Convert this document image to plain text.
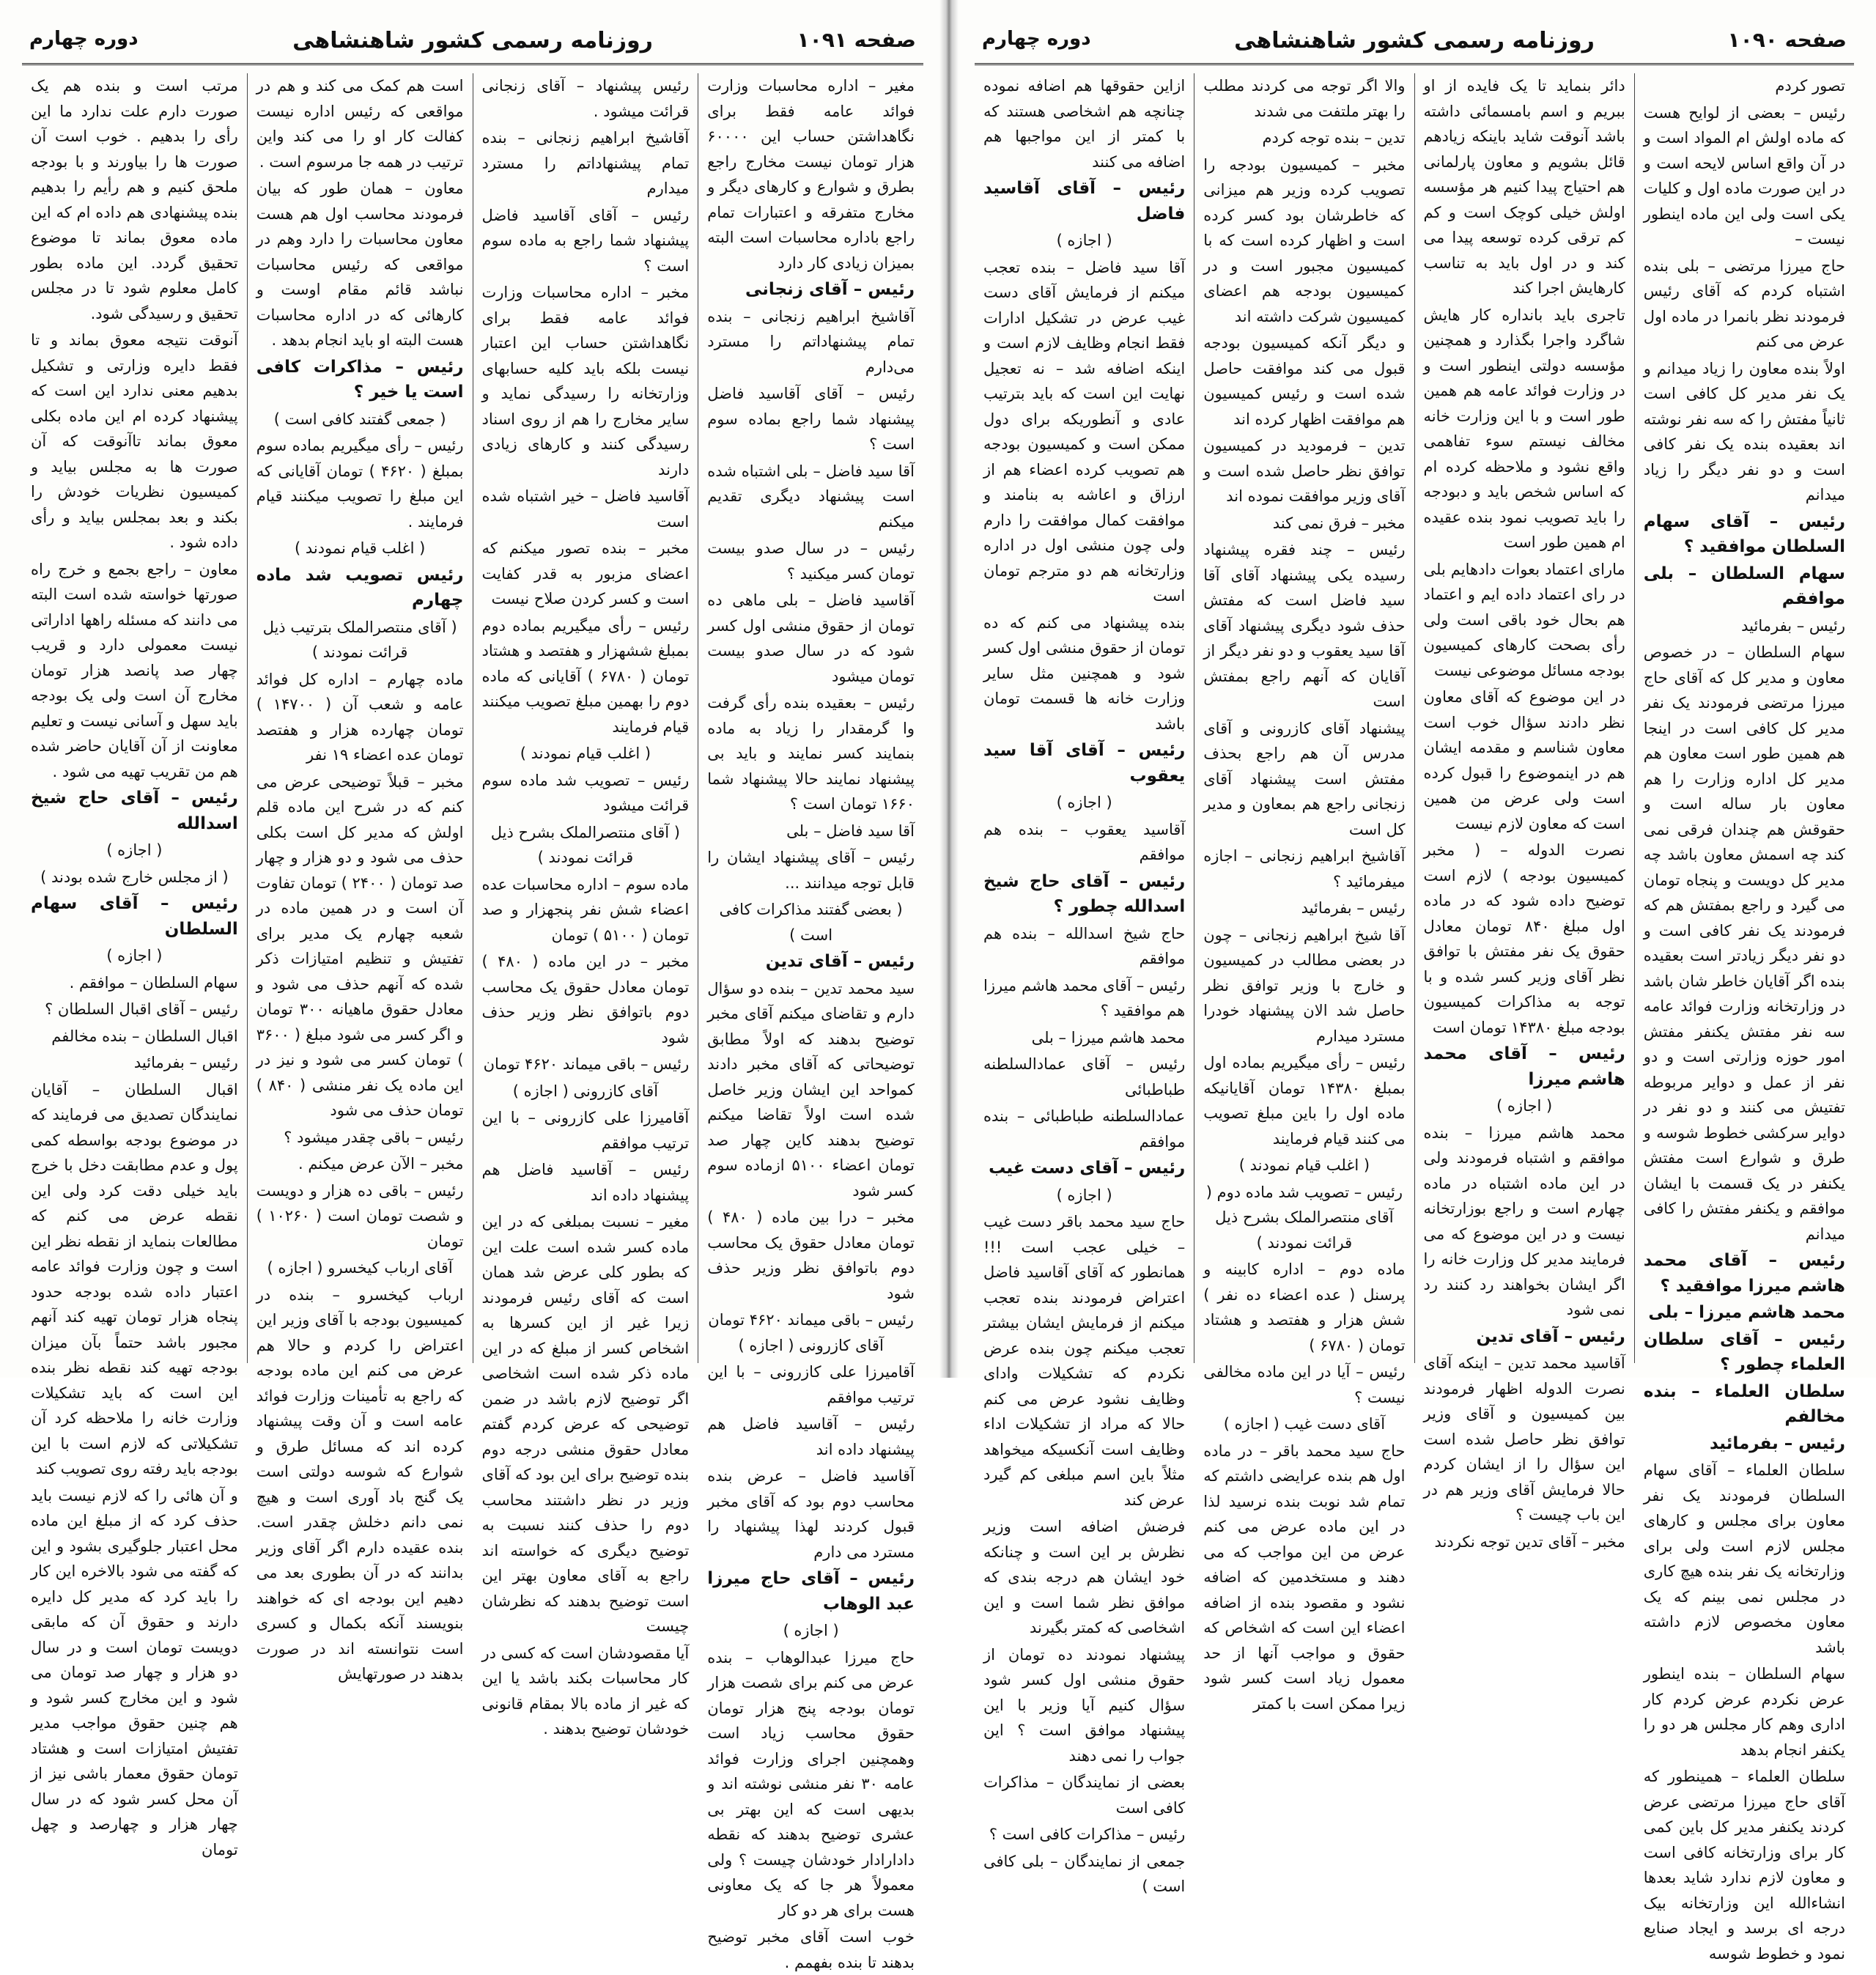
صفحه ۱۰۹۱
روزنامه رسمی کشور شاهنشاهی
دوره چهارم

مغیر – اداره محاسبات وزارت فوائد عامه فقط برای نگاهداشتن حساب این ۶۰۰۰۰ هزار تومان نیست مخارج راجع بطرق و شوارع و کارهای دیگر و مخارج متفرقه و اعتبارات تمام راجع باداره محاسبات است البته بمیزان زیادی کار دارد

رئیس – آقای زنجانی

آقاشیخ ابراهیم زنجانی – بنده تمام پیشنهاداتم را مسترد می‌دارم

رئیس – آقای آقاسید فاضل پیشنهاد شما راجع بماده سوم است ؟

آقا سید فاضل – بلی اشتباه شده است پیشنهاد دیگری تقدیم میکنم

رئیس – در سال صدو بیست تومان کسر میکنید ؟

آقاسید فاضل – بلی ماهی ده تومان از حقوق منشی اول کسر شود که در سال صدو بیست تومان میشود

رئیس – بعقیده بنده رأی گرفت وا گرمقدار را زیاد به ماده بنمایند کسر نمایند و باید بی پیشنهاد نمایند حالا پیشنهاد شما ۱۶۶۰ تومان است ؟

آقا سید فاضل – بلی

رئیس – آقای پیشنهاد ایشان را قابل توجه میدانند ...

( بعضی گفتند مذاکرات کافی است )

رئیس – آقای تدین

سید محمد تدین – بنده دو سؤال دارم و تقاضای میکنم آقای مخبر توضیح بدهند که اولاً مطابق توضیحاتی که آقای مخبر دادند کمواحد این ایشان وزیر خاصل شده است اولاً تقاضا میکنم توضیح بدهند کاین چهار صد تومان اعضاء ۵۱۰۰ ازماده سوم کسر شود

مخبر – درا بین ماده ( ۴۸۰ ) تومان معادل حقوق یک محاسب دوم باتوافق نظر وزیر حذف شود

رئیس – باقی میماند ۴۶۲۰ تومان آقای کازرونی ( اجازه )

آقامیرزا علی کازرونی – با این ترتیب موافقم

رئیس – آقاسید فاضل هم پیشنهاد داده اند

آقاسید فاضل – عرض بنده محاسب دوم بود که آقای مخبر قبول کردند لهذا پیشنهاد را مسترد می دارم

رئیس – آقای حاج میرزا عبد الوهاب

( اجازه )

حاج میرزا عبدالوهاب – بنده عرض می کنم برای شصت هزار تومان بودجه پنج هزار تومان حقوق محاسب زیاد است وهمچنین اجرای وزارت فوائد عامه ۳۰ نفر منشی نوشته اند و بدیهی است که این بهتر بی عشری توضیح بدهند که نقطه دادارادار خودشان چیست ؟ ولی معمولاً هر جا که یک معاونی هست برای هر دو کار

خوب است آقای مخبر توضیح بدهند تا بنده بفهمم .

رئیس پیشنهاد – آقای زنجانی قرائت میشود .

آقاشیخ ابراهیم زنجانی – بنده تمام پیشنهاداتم را مسترد میدارم

رئیس – آقای آقاسید فاضل پیشنهاد شما راجع به ماده سوم است ؟

مخبر – اداره محاسبات وزارت فوائد عامه فقط برای نگاهداشتن حساب این اعتبار نیست بلکه باید کلیه حسابهای وزارتخانه را رسیدگی نماید و سایر مخارج را هم از روی اسناد رسیدگی کنند و کارهای زیادی دارند

آقاسید فاضل – خیر اشتباه شده است

مخبر – بنده تصور میکنم که اعضای مزبور به قدر کفایت است و کسر کردن صلاح نیست

رئیس – رأی میگیریم بماده دوم بمبلغ ششهزار و هفتصد و هشتاد تومان ( ۶۷۸۰ ) آقایانی که ماده دوم را بهمین مبلغ تصویب میکنند قیام فرمایند

( اغلب قیام نمودند )

رئیس – تصویب شد ماده سوم قرائت میشود

( آقای منتصرالملک بشرح ذیل قرائت نمودند )

ماده سوم – اداره محاسبات عده اعضاء شش نفر پنجهزار و صد تومان ( ۵۱۰۰ ) تومان

مخبر – در این ماده ( ۴۸۰ ) تومان معادل حقوق یک محاسب دوم باتوافق نظر وزیر حذف شود

رئیس – باقی میماند ۴۶۲۰ تومان

آقای کازرونی ( اجازه )

آقامیرزا علی کازرونی – با این ترتیب موافقم

رئیس – آقاسید فاضل هم پیشنهاد داده اند

مغیر – نسبت بمبلغی که در این ماده کسر شده است علت این که بطور کلی عرض شد همان است که آقای رئیس فرمودند زیرا غیر از این کسرها به اشخاص کسر از مبلغ که در این ماده ذکر شده است اشخاصی اگر توضیح لازم باشد در ضمن توضیحی که عرض کردم گفتم معادل حقوق منشی درجه دوم بنده توضیح برای این بود که آقای وزیر در نظر داشتند محاسب دوم را حذف کنند نسبت به توضیح دیگری که خواسته اند راجع به آقای معاون بهتر این است توضیح بدهند که نظرشان چیست

آیا مقصودشان است که کسی در کار محاسبات بکند باشد یا این که غیر از ماده بالا بمقام قانونی خودشان توضیح بدهند .

است هم کمک می کند و هم در مواقعی که رئیس اداره نیست کفالت کار او را می کند واین ترتیب در همه جا مرسوم است .

معاون – همان طور که بیان فرمودند محاسب اول هم هست معاون محاسبات را دارد وهم در مواقعی که رئیس محاسبات نباشد قائم مقام اوست و کارهائی که در اداره محاسبات هست البته او باید انجام بدهد .

رئیس – مذاکرات کافی است یا خیر ؟

( جمعی گفتند کافی است )

رئیس – رأی میگیریم بماده سوم بمبلغ ( ۴۶۲۰ ) تومان آقایانی که این مبلغ را تصویب میکنند قیام فرمایند .

( اغلب قیام نمودند )

رئیس تصویب شد ماده چهارم

( آقای منتصرالملک بترتیب ذیل قرائت نمودند )

ماده چهارم – اداره کل فوائد عامه و شعب آن ( ۱۴۷۰۰ ) تومان چهارده هزار و هفتصد تومان عده اعضاء ۱۹ نفر

مخبر – قبلاً توضیحی عرض می کنم که در شرح این ماده قلم اولش که مدیر کل است بکلی حذف می شود و دو هزار و چهار صد تومان ( ۲۴۰۰ ) تومان تفاوت آن است و در همین ماده در شعبه چهارم یک مدیر برای تفتیش و تنظیم امتیازات ذکر شده که آنهم حذف می شود و معادل حقوق ماهیانه ۳۰۰ تومان و اگر کسر می شود مبلغ ( ۳۶۰۰ ) تومان کسر می شود و نیز در این ماده یک نفر منشی ( ۸۴۰ ) تومان حذف می شود

رئیس – باقی چقدر میشود ؟

مخبر – الآن عرض میکنم .

رئیس – باقی ده هزار و دویست و شصت تومان است ( ۱۰۲۶۰ ) تومان

آقای ارباب کیخسرو ( اجازه )

ارباب کیخسرو – بنده در کمیسیون بودجه با آقای وزیر این اعتراض را کردم و حالا هم عرض می کنم این ماده بودجه که راجع به تأمینات وزارت فوائد عامه است و آن وقت پیشنهاد کرده اند که مسائل طرق و شوارع که شوسه دولتی است یک گنج باد آوری است و هیچ نمی دانم دخلش چقدر است. بنده عقیده دارم اگر آقای وزیر بدانند که در آن بطوری بعد می دهیم این بودجه ای که خواهند بنویسند آنکه بکمال و کسری است نتوانسته اند در صورت بدهند در صورتهایش

مرتب است و بنده هم یک صورت دارم علت ندارد ما این رأی را بدهیم . خوب است آن صورت ها را بیاورند و با بودجه ملحق کنیم و هم رأیم را بدهیم بنده پیشنهادی هم داده ام که این ماده معوق بماند تا موضوع تحقیق گردد. این ماده بطور کامل معلوم شود تا در مجلس تحقیق و رسیدگی شود.

آنوقت نتیجه معوق بماند و تا فقط دایره وزارتی و تشکیل بدهیم معنی ندارد این است که پیشنهاد کرده ام این ماده بکلی معوق بماند تاآنوقت که آن صورت ها به مجلس بیاید و کمیسیون نظریات خودش را بکند و بعد بمجلس بیاید و رأی داده شود .

معاون – راجع بجمع و خرج راه صورتها خواسته شده است البته می دانند که مسئله راهها اداراتی نیست معمولی دارد و قریب چهار صد پانصد هزار تومان مخارج آن است ولی یک بودجه باید سهل و آسانی نیست و تعلیم معاونت از آن آقایان حاضر شده هم من تقریب تهیه می شود .

رئیس – آقای حاج شیخ اسدالله

( اجازه )

( از مجلس خارج شده بودند )

رئیس – آقای سهام السلطان

( اجازه )

سهام السلطان – موافقم .

رئیس – آقای اقبال السلطان ؟

اقبال السلطان – بنده مخالفم

رئیس – بفرمائید

اقبال السلطان – آقایان نمایندگان تصدیق می فرمایند که در موضوع بودجه بواسطه کمی پول و عدم مطابقت دخل با خرج باید خیلی دقت کرد ولی این نقطه عرض می کنم که مطالعات بنماید از نقطه نظر این است و چون وزارت فوائد عامه اعتبار داده شده بودجه حدود پنجاه هزار تومان تهیه کند آنهم مجبور باشد حتماً بآن میزان بودجه تهیه کند نقطه نظر بنده این است که باید تشکیلات وزارت خانه را ملاحظه کرد آن تشکیلاتی که لازم است با این بودجه باید رفته روی تصویب کند

و آن هائی را که لازم نیست باید حذف کرد که از مبلغ این ماده محل اعتبار جلوگیری بشود و این که گفته می شود بالاخره این کار را باید کرد که مدیر کل دایره دارند و حقوق آن که مابقی دویست تومان است و در سال دو هزار و چهار صد تومان می شود و این مخارج کسر شود و هم چنین حقوق مواجب مدیر تفتیش امتیازات است و هشتاد تومان حقوق معمار باشی نیز از آن محل کسر شود که در سال چهار هزار و چهارصد و چهل تومان

صفحه ۱۰۹۰
روزنامه رسمی کشور شاهنشاهی
دوره چهارم

تصور کردم

رئیس – بعضی از لوایح هست که ماده اولش ام المواد است و در آن واقع اساس لایحه است و در این صورت ماده اول و کلیات یکی است ولی این ماده اینطور نیست –

حاج میرزا مرتضی – بلی بنده اشتباه کردم که آقای رئیس فرمودند نظر بانمرا در ماده اول عرض می کنم

اولاً بنده معاون را زیاد میدانم و یک نفر مدیر کل کافی است ثانیاً مفتش را که سه نفر نوشته اند بعقیده بنده یک نفر کافی است و دو نفر دیگر را زیاد میدانم

رئیس – آقای سهام السلطان موافقید ؟

سهام السلطان – بلی موافقم

رئیس – بفرمائید

سهام السلطان – در خصوص معاون و مدیر کل که آقای حاج میرزا مرتضی فرمودند یک نفر مدیر کل کافی است در اینجا هم همین طور است معاون هم مدیر کل اداره وزارت را هم معاون بار ساله است و حقوقش هم چندان فرقی نمی کند چه اسمش معاون باشد چه مدیر کل دویست و پنجاه تومان می گیرد و راجع بمفتش هم که فرمودند یک نفر کافی است و دو نفر دیگر زیادتر است بعقیده بنده اگر آقایان خاطر شان باشد در وزارتخانه وزارت فوائد عامه سه نفر مفتش یکنفر مفتش امور حوزه وزارتی است و دو نفر از عمل و دوایر مربوطه تفتیش می کنند و دو نفر در دوایر سرکشی خطوط شوسه و طرق و شوارع است مفتش یکنفر در یک قسمت با ایشان موافقم و یکنفر مفتش را کافی میدانم

رئیس – آقای محمد هاشم میرزا موافقید ؟

محمد هاشم میرزا – بلی

رئیس – آقای سلطان العلماء چطور ؟

سلطان العلماء – بنده مخالفم

رئیس – بفرمائید

سلطان العلماء – آقای سهام السلطان فرمودند یک نفر معاون برای مجلس و کارهای مجلس لازم است ولی برای وزارتخانه یک نفر بنده هیچ کاری در مجلس نمی بینم که یک معاون مخصوص لازم داشته باشد

سهام السلطان – بنده اینطور عرض نکردم عرض کردم کار اداری وهم کار مجلس هر دو را یکنفر انجام بدهد

سلطان العلماء – همینطور که آقای حاج میرزا مرتضی عرض کردند یکنفر مدیر کل باین کمی کار برای وزارتخانه کافی است و معاون لازم ندارد شاید بعدها انشاءالله این وزارتخانه بیک درجه ای برسد و ایجاد صنایع نمود و خطوط شوسه

دائر بنماید تا یک فایده از او ببریم و اسم بامسمائی داشته باشد آنوقت شاید باینکه زیادهم قائل بشویم و معاون پارلمانی هم احتیاج پیدا کنیم هر مؤسسه اولش خیلی کوچک است و کم کم ترقی کرده توسعه پیدا می کند و در اول باید به تناسب کارهایش اجرا کند

تاجری باید بانداره کار هایش شاگرد واجرا بگذارد و همچنین مؤسسه دولتی اینطور است و در وزارت فوائد عامه هم همین طور است و با این وزارت خانه مخالف نیستم سوء تفاهمی واقع نشود و ملاحظه کرده ام که اساس شخص باید و دبودجه را باید تصویب نمود بنده عقیده ام همین طور است

مارای اعتماد بعوات دادهایم بلی در رای اعتماد داده ایم و اعتماد هم بحال خود باقی است ولی رأی بصحت کارهای کمیسیون بودجه مسائل موضوعی نیست

در این موضوع که آقای معاون نظر دادند سؤال خوب است معاون شناسم و مقدمه ایشان هم در اینموضوع را قبول کرده است ولی عرض من همین است که معاون لازم نیست

نصرت الدوله – ( مخبر کمیسیون بودجه ) لازم است توضیح داده شود که در ماده اول مبلغ ۸۴۰ تومان معادل حقوق یک نفر مفتش با توافق نظر آقای وزیر کسر شده و با توجه به مذاکرات کمیسیون بودجه مبلغ ۱۴۳۸۰ تومان است

رئیس – آقای محمد هاشم میرزا

( اجازه )

محمد هاشم میرزا – بنده موافقم و اشتباه فرمودند ولی در این ماده اشتباه در ماده چهارم است و راجع بوزارتخانه نیست و در این موضوع که می فرمایند مدیر کل وزارت خانه را اگر ایشان بخواهند رد کنند رد نمی شود

رئیس – آقای تدین

آقاسید محمد تدین – اینکه آقای نصرت الدوله اظهار فرمودند بین کمیسیون و آقای وزیر توافق نظر حاصل شده است این سؤال را از ایشان کردم حالا فرمایش آقای وزیر هم در این باب چیست ؟

مخبر – آقای تدین توجه نکردند

والا اگر توجه می کردند مطلب را بهتر ملتفت می شدند

تدین – بنده توجه کردم

مخبر – کمیسیون بودجه را تصویب کرده وزیر هم میزانی که خاطرشان بود کسر کرده است و اظهار کرده است که با کمیسیون مجبور است و در کمیسیون بودجه هم اعضای کمیسیون شرکت داشته اند

و دیگر آنکه کمیسیون بودجه قبول می کند موافقت حاصل شده است و رئیس کمیسیون هم موافقت اظهار کرده اند

تدین – فرمودید در کمیسیون توافق نظر حاصل شده است و آقای وزیر موافقت نموده اند

مخبر – فرق نمی کند

رئیس – چند فقره پیشنهاد رسیده یکی پیشنهاد آقای آقا سید فاضل است که مفتش حذف شود دیگری پیشنهاد آقای آقا سید یعقوب و دو نفر دیگر از آقایان که آنهم راجع بمفتش است

پیشنهاد آقای کازرونی و آقای مدرس آن هم راجع بحذف مفتش است پیشنهاد آقای زنجانی راجع هم بمعاون و مدیر کل است

آقاشیخ ابراهیم زنجانی – اجازه میفرمائید ؟

رئیس – بفرمائید

آقا شیخ ابراهیم زنجانی – چون در بعضی مطالب در کمیسیون و خارج با وزیر توافق نظر حاصل شد الان پیشنهاد خودرا مسترد میدارم

رئیس – رأی میگیریم بماده اول بمبلغ ۱۴۳۸۰ تومان آقایانیکه ماده اول را باین مبلغ تصویب می کنند قیام فرمایند

( اغلب قیام نمودند )

رئیس – تصویب شد ماده دوم ( آقای منتصرالملک بشرح ذیل قرائت نمودند )

ماده دوم – اداره کابینه و پرسنل ( عده اعضاء ده نفر ) شش هزار و هفتصد و هشتاد تومان ( ۶۷۸۰ )

رئیس – آیا در این ماده مخالفی نیست ؟

آقای دست غیب ( اجازه )

حاج سید محمد باقر – در ماده اول هم بنده عرایضی داشتم که تمام شد نوبت بنده نرسید لذا در این ماده عرض می کنم عرض من این مواجب که می دهند و مستخدمین که اضافه نشود و مقصود بنده از اضافه اعضاء این است که اشخاص که حقوق و مواجب آنها از حد معمول زیاد است کسر شود زیرا ممکن است با کمتر

ازاین حقوقها هم اضافه نموده چنانچه هم اشخاصی هستند که با کمتر از این مواجبها هم اضافه می کنند

رئیس – آقای آقاسید فاضل

( اجازه )

آقا سید فاضل – بنده تعجب میکنم از فرمایش آقای دست غیب عرض در تشکیل ادارات فقط انجام وظایف لازم است و اینکه اضافه شد – نه تعجیل نهایت این است که باید بترتیب عادی و آنطوریکه برای دول ممکن است و کمیسیون بودجه هم تصویب کرده اعضاء هم از ارزاق و اعاشه به بنامند و موافقت کمال موافقت را دارم ولی چون منشی اول در اداره وزارتخانه هم دو مترجم تومان است

بنده پیشنهاد می کنم که ده تومان از حقوق منشی اول کسر شود و همچنین مثل سایر وزارت خانه ها قسمت تومان باشد

رئیس – آقای آقا سید یعقوب

( اجازه )

آقاسید یعقوب – بنده هم موافقم

رئیس – آقای حاج شیخ اسدالله چطور ؟

حاج شیخ اسدالله – بنده هم موافقم

رئیس – آقای محمد هاشم میرزا هم موافقید ؟

محمد هاشم میرزا – بلی

رئیس – آقای عمادالسلطنه طباطبائی

عمادالسلطنه طباطبائی – بنده موافقم

رئیس – آقای دست غیب

( اجازه )

حاج سید محمد باقر دست غیب – خیلی عجب است !!! همانطور که آقای آقاسید فاضل اعتراض فرمودند بنده تعجب میکنم از فرمایش ایشان بیشتر تعجب میکنم چون بنده عرض نکردم که تشکیلات وادای وظایف نشود عرض می کنم حالا که مراد از تشکیلات اداء وظایف است آنکسیکه میخواهد مثلاً باین اسم مبلغی کم گیرد عرض کند

فرضش اضافه است وزیر نظرش بر این است و چنانکه خود ایشان هم درجه بندی که موافق نظر شما است و این اشخاصی که کمتر بگیرند

پیشنهاد نمودند ده تومان از حقوق منشی اول کسر شود سؤال کنیم آیا وزیر با این پیشنهاد موافق است ؟ این جواب را نمی دهند

بعضی از نمایندگان – مذاکرات کافی است

رئیس – مذاکرات کافی است ؟

جمعی از نمایندگان – بلی کافی است )
